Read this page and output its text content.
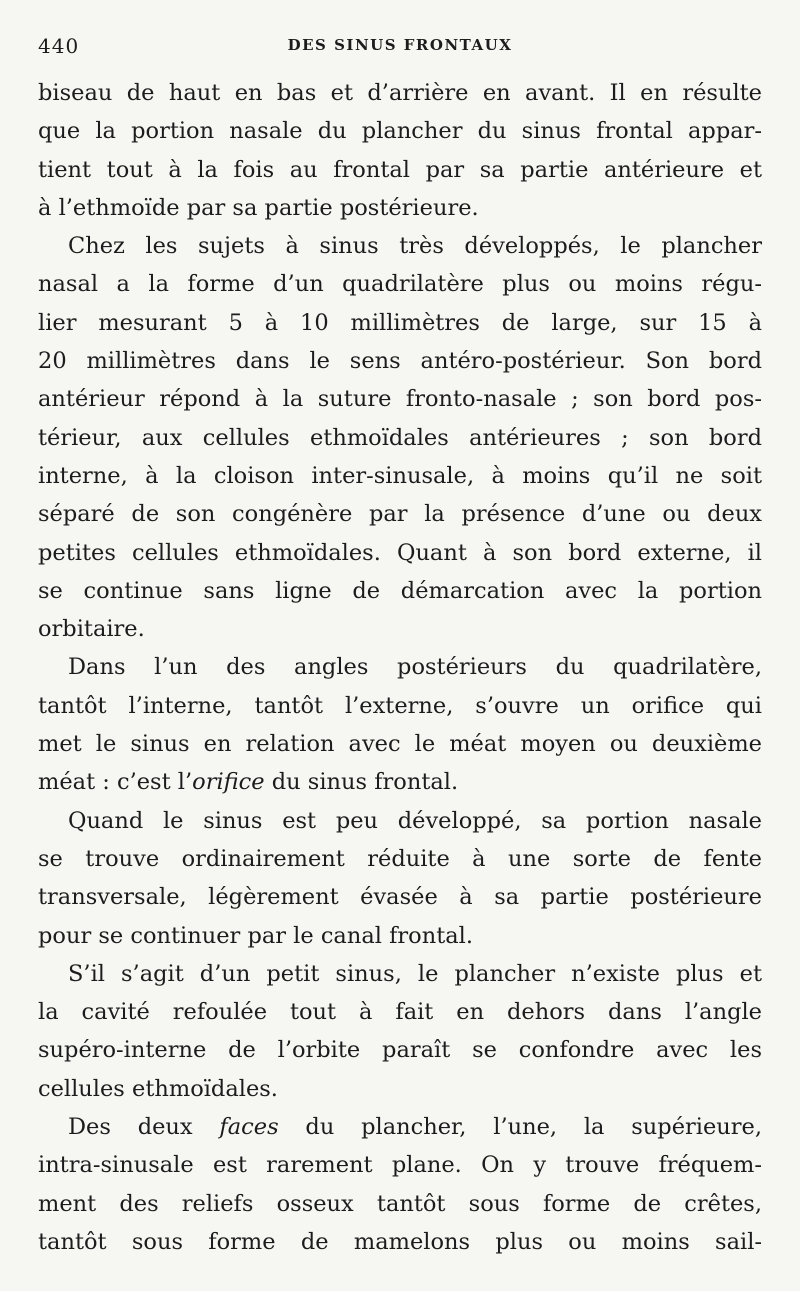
440	DES SINUS FRONTAUX

biseau de haut en bas et d’arrière en avant. Il en résulte
que la portion nasale du plancher du sinus frontal appar-
tient tout à la fois au frontal par sa partie antérieure et
à l’ethmoïde par sa partie postérieure.

Chez les sujets à sinus très développés, le plancher
nasal a la forme d’un quadrilatère plus ou moins régu-
lier mesurant 5 à 10 millimètres de large, sur 15 à
20 millimètres dans le sens antéro-postérieur. Son bord
antérieur répond à la suture fronto-nasale ; son bord pos-
térieur, aux cellules ethmoïdales antérieures ; son bord
interne, à la cloison inter-sinusale, à moins qu’il ne soit
séparé de son congénère par la présence d’une ou deux
petites cellules ethmoïdales. Quant à son bord externe, il
se continue sans ligne de démarcation avec la portion
orbitaire.

Dans l’un des angles postérieurs du quadrilatère,
tantôt l’interne, tantôt l’externe, s’ouvre un orifice qui
met le sinus en relation avec le méat moyen ou deuxième
méat : c’est l’orifice du sinus frontal.

Quand le sinus est peu développé, sa portion nasale
se trouve ordinairement réduite à une sorte de fente
transversale, légèrement évasée à sa partie postérieure
pour se continuer par le canal frontal.

S’il s’agit d’un petit sinus, le plancher n’existe plus et
la cavité refoulée tout à fait en dehors dans l’angle
supéro-interne de l’orbite paraît se confondre avec les
cellules ethmoïdales.

Des deux faces du plancher, l’une, la supérieure,
intra-sinusale est rarement plane. On y trouve fréquem-
ment des reliefs osseux tantôt sous forme de crêtes,
tantôt sous forme de mamelons plus ou moins sail-
